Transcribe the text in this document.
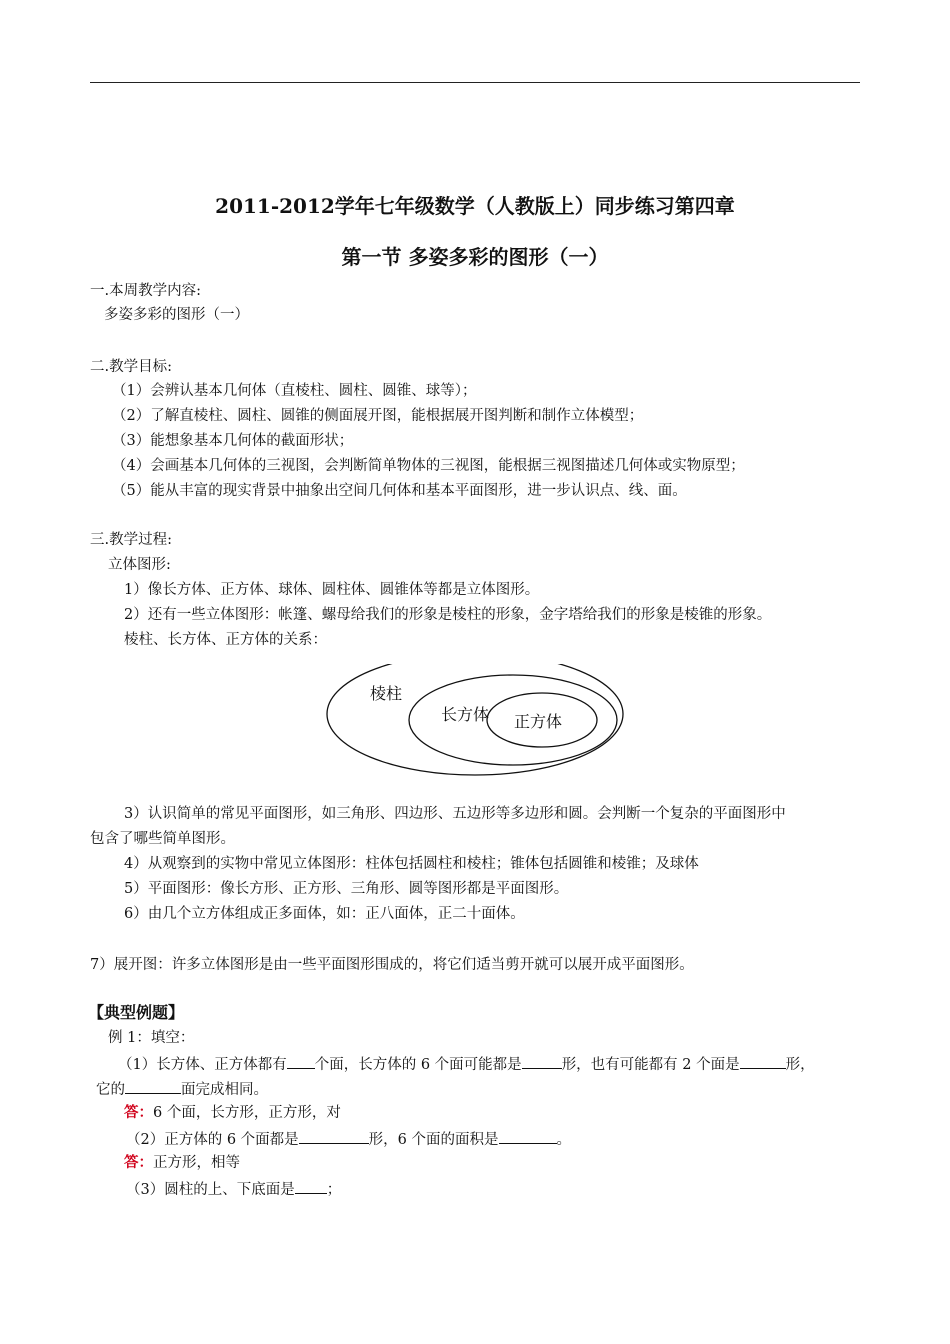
2011-2012学年七年级数学（人教版上）同步练习第四章
第一节 多姿多彩的图形（一）
一.本周教学内容:
多姿多彩的图形（一）
二.教学目标:
（1）会辨认基本几何体（直棱柱、圆柱、圆锥、球等）；
（2）了解直棱柱、圆柱、圆锥的侧面展开图，能根据展开图判断和制作立体模型；
（3）能想象基本几何体的截面形状；
（4）会画基本几何体的三视图，会判断简单物体的三视图，能根据三视图描述几何体或实物原型；
（5）能从丰富的现实背景中抽象出空间几何体和基本平面图形，进一步认识点、线、面。
三.教学过程:
立体图形:
1）像长方体、正方体、球体、圆柱体、圆锥体等都是立体图形。
2）还有一些立体图形：帐篷、螺母给我们的形象是棱柱的形象，金字塔给我们的形象是棱锥的形象。
棱柱、长方体、正方体的关系：
棱柱
长方体 正方体
3）认识简单的常见平面图形，如三角形、四边形、五边形等多边形和圆。会判断一个复杂的平面图形中
包含了哪些简单图形。
4）从观察到的实物中常见立体图形：柱体包括圆柱和棱柱；锥体包括圆锥和棱锥；及球体
5）平面图形：像长方形、正方形、三角形、圆等图形都是平面图形。
6）由几个立方体组成正多面体，如：正八面体，正二十面体。
7）展开图：许多立体图形是由一些平面图形围成的，将它们适当剪开就可以展开成平面图形。
【典型例题】
例 1：填空：
（1）长方体、正方体都有 个面，长方体的 6 个面可能都是	形，也有可能都有 2 个面是	形，
它的	面完成相同。
答：6 个面，长方形，正方形，对
（2）正方体的 6 个面都是	形，6 个面的面积是	。
答：正方形，相等
（3）圆柱的上、下底面是 ；
